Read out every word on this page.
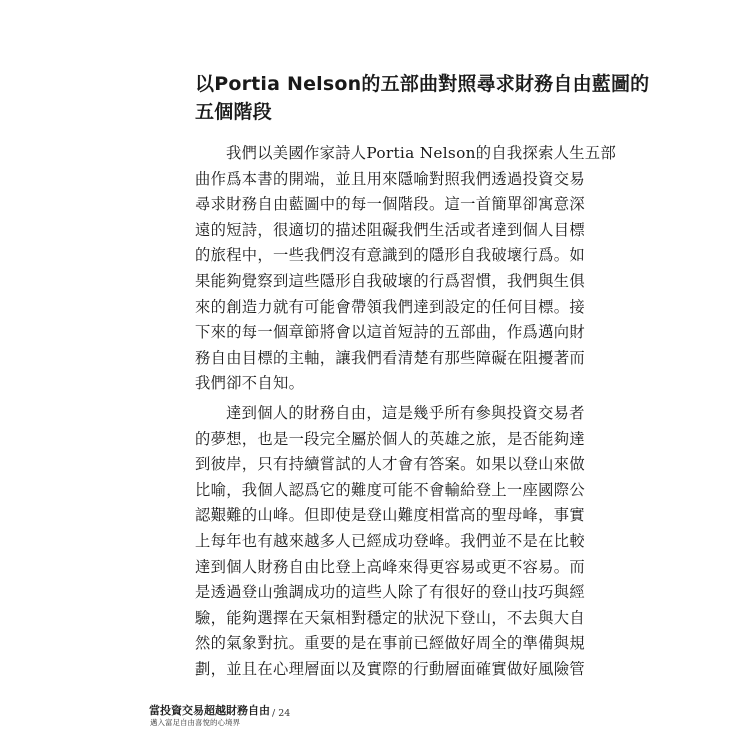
以Portia Nelson的五部曲對照尋求財務自由藍圖的
五個階段
我們以美國作家詩人Portia Nelson的自我探索人生五部
曲作爲本書的開端，並且用來隱喻對照我們透過投資交易
尋求財務自由藍圖中的每一個階段。這一首簡單卻寓意深
遠的短詩，很適切的描述阻礙我們生活或者達到個人目標
的旅程中，一些我們沒有意識到的隱形自我破壞行爲。如
果能夠覺察到這些隱形自我破壞的行爲習慣，我們與生俱
來的創造力就有可能會帶領我們達到設定的任何目標。接
下來的每一個章節將會以這首短詩的五部曲，作爲邁向財
務自由目標的主軸，讓我們看清楚有那些障礙在阻擾著而
我們卻不自知。
達到個人的財務自由，這是幾乎所有參與投資交易者
的夢想，也是一段完全屬於個人的英雄之旅，是否能夠達
到彼岸，只有持續嘗試的人才會有答案。如果以登山來做
比喻，我個人認爲它的難度可能不會輸給登上一座國際公
認艱難的山峰。但即使是登山難度相當高的聖母峰，事實
上每年也有越來越多人已經成功登峰。我們並不是在比較
達到個人財務自由比登上高峰來得更容易或更不容易。而
是透過登山強調成功的這些人除了有很好的登山技巧與經
驗，能夠選擇在天氣相對穩定的狀況下登山，不去與大自
然的氣象對抗。重要的是在事前已經做好周全的準備與規
劃，並且在心理層面以及實際的行動層面確實做好風險管
當投資交易超越財務自由
邁入富足自由喜悅的心境界
/ 24
